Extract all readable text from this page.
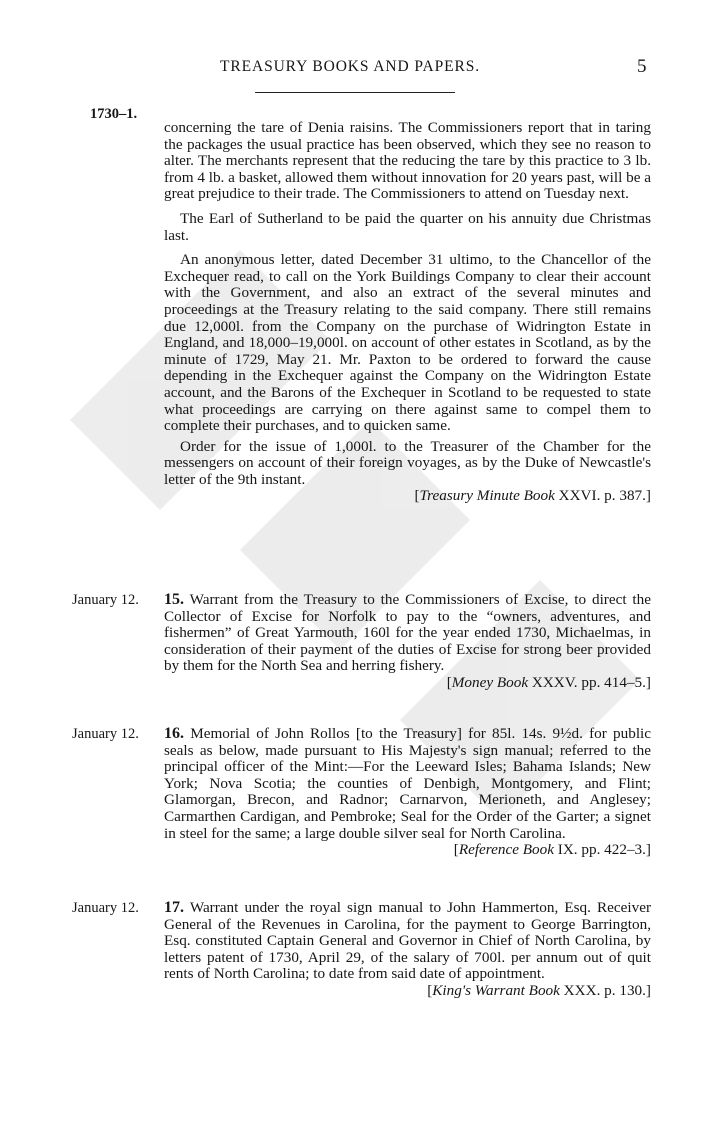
TREASURY BOOKS AND PAPERS.	5
1730–1.

concerning the tare of Denia raisins. The Commissioners report that in taring the packages the usual practice has been observed, which they see no reason to alter. The merchants represent that the reducing the tare by this practice to 3 lb. from 4 lb. a basket, allowed them without innovation for 20 years past, will be a great prejudice to their trade. The Commissioners to attend on Tuesday next.

The Earl of Sutherland to be paid the quarter on his annuity due Christmas last.

An anonymous letter, dated December 31 ultimo, to the Chancellor of the Exchequer read, to call on the York Buildings Company to clear their account with the Government, and also an extract of the several minutes and proceedings at the Treasury relating to the said company. There still remains due 12,000l. from the Company on the purchase of Widrington Estate in England, and 18,000–19,000l. on account of other estates in Scotland, as by the minute of 1729, May 21. Mr. Paxton to be ordered to forward the cause depending in the Exchequer against the Company on the Widrington Estate account, and the Barons of the Exchequer in Scotland to be requested to state what proceedings are carrying on there against same to compel them to complete their purchases, and to quicken same.

Order for the issue of 1,000l. to the Treasurer of the Chamber for the messengers on account of their foreign voyages, as by the Duke of Newcastle's letter of the 9th instant.

[Treasury Minute Book XXVI. p. 387.]

January 12. 15. Warrant from the Treasury to the Commissioners of Excise, to direct the Collector of Excise for Norfolk to pay to the “owners, adventures, and fishermen” of Great Yarmouth, 160l for the year ended 1730, Michaelmas, in consideration of their payment of the duties of Excise for strong beer provided by them for the North Sea and herring fishery.

[Money Book XXXV. pp. 414–5.]

January 12. 16. Memorial of John Rollos [to the Treasury] for 85l. 14s. 9½d. for public seals as below, made pursuant to His Majesty's sign manual; referred to the principal officer of the Mint:—For the Leeward Isles; Bahama Islands; New York; Nova Scotia; the counties of Denbigh, Montgomery, and Flint; Glamorgan, Brecon, and Radnor; Carnarvon, Merioneth, and Anglesey; Carmarthen Cardigan, and Pembroke; Seal for the Order of the Garter; a signet in steel for the same; a large double silver seal for North Carolina.

[Reference Book IX. pp. 422–3.]

January 12. 17. Warrant under the royal sign manual to John Hammerton, Esq. Receiver General of the Revenues in Carolina, for the payment to George Barrington, Esq. constituted Captain General and Governor in Chief of North Carolina, by letters patent of 1730, April 29, of the salary of 700l. per annum out of quit rents of North Carolina; to date from said date of appointment.

[King's Warrant Book XXX. p. 130.]
